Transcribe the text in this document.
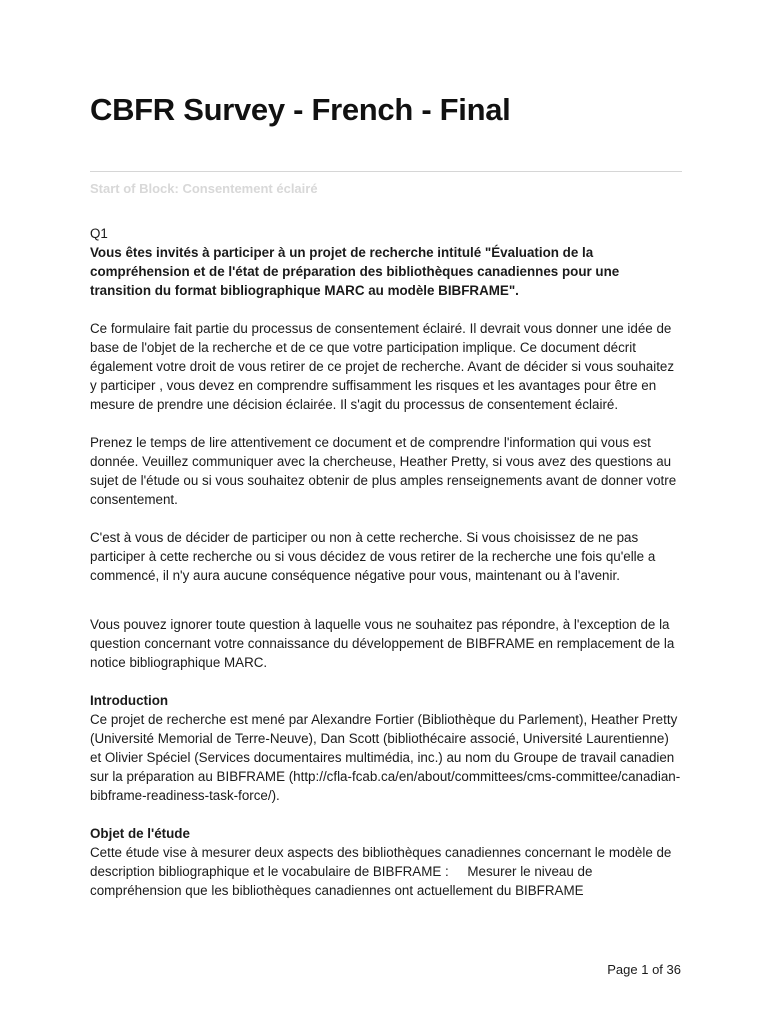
CBFR Survey - French - Final

Start of Block: Consentement éclairé

Q1

Vous êtes invités à participer à un projet de recherche intitulé "Évaluation de la compréhension et de l'état de préparation des bibliothèques canadiennes pour une transition du format bibliographique MARC au modèle BIBFRAME".

Ce formulaire fait partie du processus de consentement éclairé. Il devrait vous donner une idée de base de l'objet de la recherche et de ce que votre participation implique. Ce document décrit également votre droit de vous retirer de ce projet de recherche. Avant de décider si vous souhaitez y participer , vous devez en comprendre suffisamment les risques et les avantages pour être en mesure de prendre une décision éclairée. Il s'agit du processus de consentement éclairé.

Prenez le temps de lire attentivement ce document et de comprendre l'information qui vous est donnée. Veuillez communiquer avec la chercheuse, Heather Pretty, si vous avez des questions au sujet de l'étude ou si vous souhaitez obtenir de plus amples renseignements avant de donner votre consentement.

C'est à vous de décider de participer ou non à cette recherche. Si vous choisissez de ne pas participer à cette recherche ou si vous décidez de vous retirer de la recherche une fois qu'elle a commencé, il n'y aura aucune conséquence négative pour vous, maintenant ou à l'avenir.

Vous pouvez ignorer toute question à laquelle vous ne souhaitez pas répondre, à l'exception de la question concernant votre connaissance du développement de BIBFRAME en remplacement de la notice bibliographique MARC.

Introduction

Ce projet de recherche est mené par Alexandre Fortier (Bibliothèque du Parlement), Heather Pretty (Université Memorial de Terre-Neuve), Dan Scott (bibliothécaire associé, Université Laurentienne) et Olivier Spéciel (Services documentaires multimédia, inc.) au nom du Groupe de travail canadien sur la préparation au BIBFRAME (http://cfla-fcab.ca/en/about/committees/cms-committee/canadian-bibframe-readiness-task-force/).

Objet de l'étude

Cette étude vise à mesurer deux aspects des bibliothèques canadiennes concernant le modèle de description bibliographique et le vocabulaire de BIBFRAME :     Mesurer le niveau de compréhension que les bibliothèques canadiennes ont actuellement du BIBFRAME

Page 1 of 36
